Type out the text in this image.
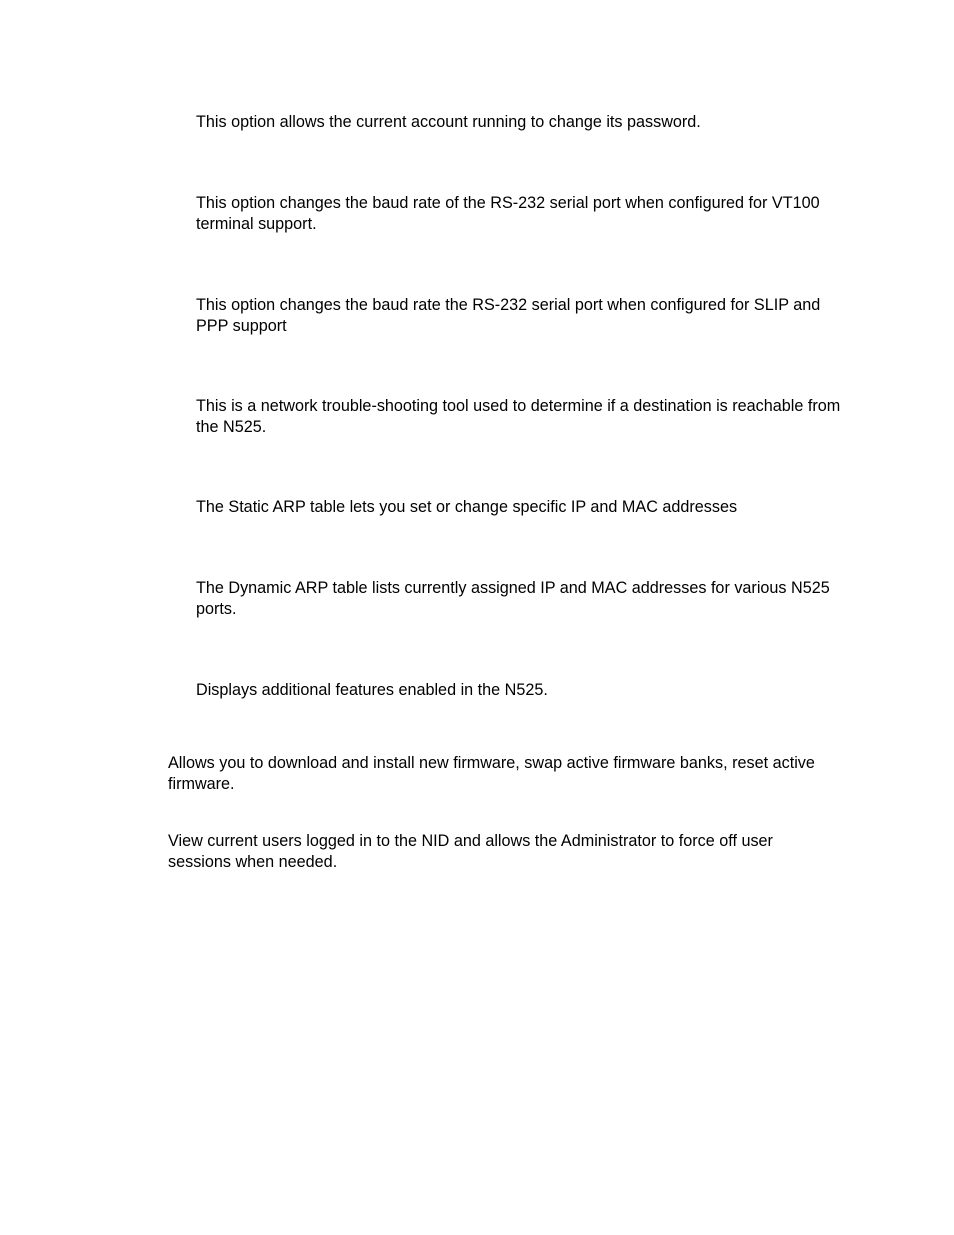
This option allows the current account running to change its password.

This option changes the baud rate of the RS-232 serial port when configured for VT100 terminal support.

This option changes the baud rate the RS-232 serial port when configured for SLIP and PPP support

This is a network trouble-shooting tool used to determine if a destination is reachable from the N525.

The Static ARP table lets you set or change specific IP and MAC addresses

The Dynamic ARP table lists currently assigned IP and MAC addresses for various N525 ports.

Displays additional features enabled in the N525.

Allows you to download and install new firmware, swap active firmware banks, reset active firmware.

View current users logged in to the NID and allows the Administrator to force off user sessions when needed.
